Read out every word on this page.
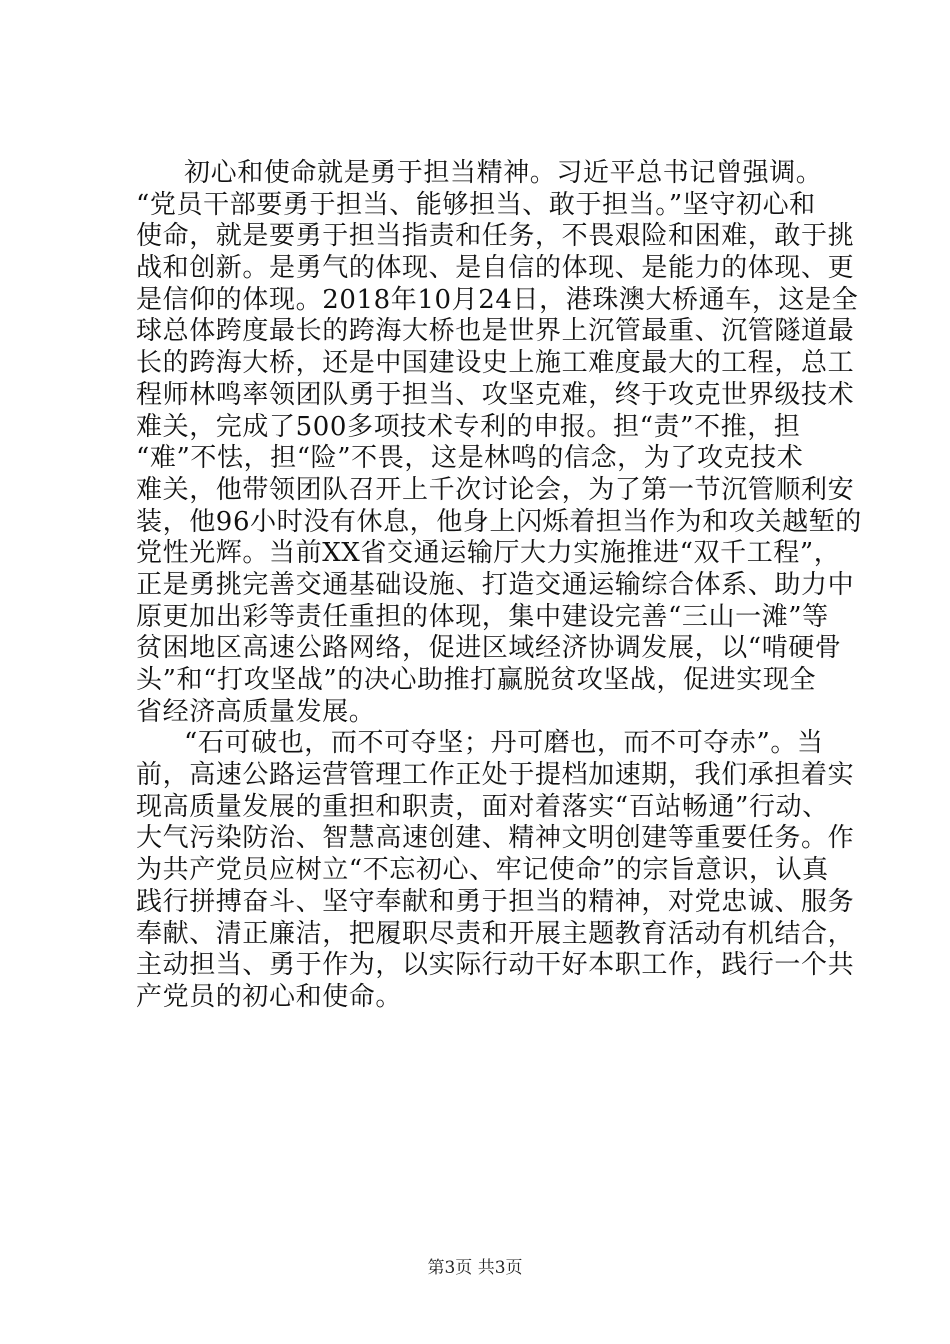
初心和使命就是勇于担当精神。习近平总书记曾强调。
“党员干部要勇于担当、能够担当、敢于担当。”坚守初心和
使命，就是要勇于担当指责和任务，不畏艰险和困难，敢于挑
战和创新。是勇气的体现、是自信的体现、是能力的体现、更
是信仰的体现。2018年10月24日，港珠澳大桥通车，这是全
球总体跨度最长的跨海大桥也是世界上沉管最重、沉管隧道最
长的跨海大桥，还是中国建设史上施工难度最大的工程，总工
程师林鸣率领团队勇于担当、攻坚克难，终于攻克世界级技术
难关，完成了500多项技术专利的申报。担“责”不推，担
“难”不怯，担“险”不畏，这是林鸣的信念，为了攻克技术
难关，他带领团队召开上千次讨论会，为了第一节沉管顺利安
装，他96小时没有休息，他身上闪烁着担当作为和攻关越堑的
党性光辉。当前XX省交通运输厅大力实施推进“双千工程”，
正是勇挑完善交通基础设施、打造交通运输综合体系、助力中
原更加出彩等责任重担的体现，集中建设完善“三山一滩”等
贫困地区高速公路网络，促进区域经济协调发展，以“啃硬骨
头”和“打攻坚战”的决心助推打赢脱贫攻坚战，促进实现全
省经济高质量发展。
“石可破也，而不可夺坚；丹可磨也，而不可夺赤”。当
前，高速公路运营管理工作正处于提档加速期，我们承担着实
现高质量发展的重担和职责，面对着落实“百站畅通”行动、
大气污染防治、智慧高速创建、精神文明创建等重要任务。作
为共产党员应树立“不忘初心、牢记使命”的宗旨意识，认真
践行拼搏奋斗、坚守奉献和勇于担当的精神，对党忠诚、服务
奉献、清正廉洁，把履职尽责和开展主题教育活动有机结合，
主动担当、勇于作为，以实际行动干好本职工作，践行一个共
产党员的初心和使命。
第3页 共3页
